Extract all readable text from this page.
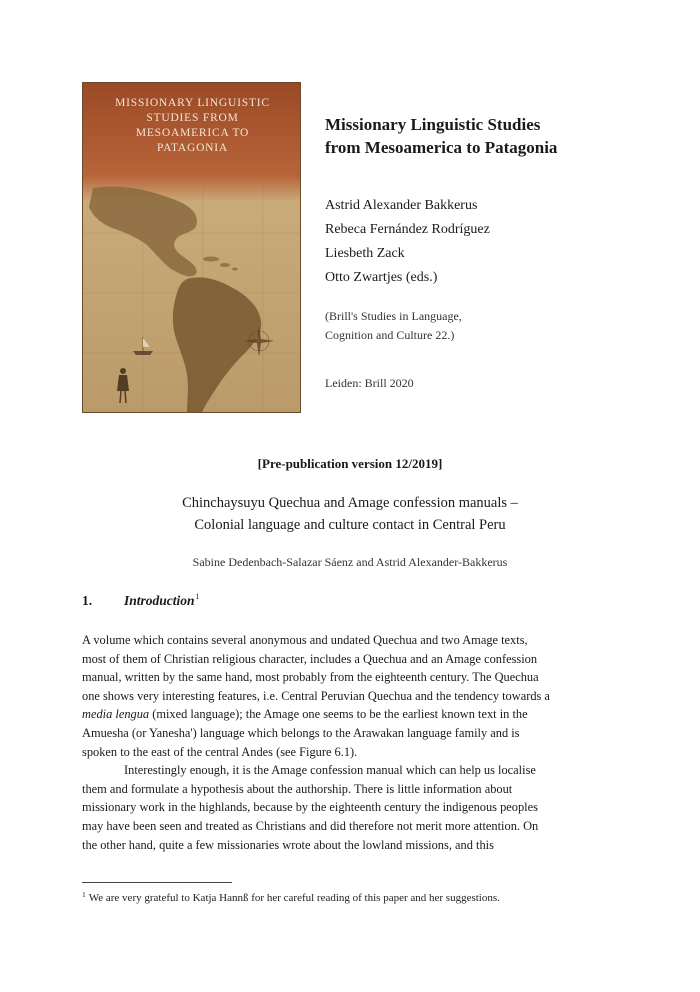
MISSIONARY LINGUISTIC
STUDIES FROM
MESOAMERICA TO
PATAGONIA
Missionary Linguistic Studies
from Mesoamerica to Patagonia
Astrid Alexander Bakkerus
Rebeca Fernández Rodríguez
Liesbeth Zack
Otto Zwartjes (eds.)
(Brill's Studies in Language,
Cognition and Culture 22.)
Leiden: Brill 2020
[Pre-publication version 12/2019]
Chinchaysuyu Quechua and Amage confession manuals –
Colonial language and culture contact in Central Peru
Sabine Dedenbach-Salazar Sáenz and Astrid Alexander-Bakkerus
1. Introduction$^1$
A volume which contains several anonymous and undated Quechua and two Amage texts,
most of them of Christian religious character, includes a Quechua and an Amage confession
manual, written by the same hand, most probably from the eighteenth century. The Quechua
one shows very interesting features, i.e. Central Peruvian Quechua and the tendency towards a
media lengua (mixed language); the Amage one seems to be the earliest known text in the
Amuesha (or Yanesha') language which belongs to the Arawakan language family and is
spoken to the east of the central Andes (see Figure 6.1).
Interestingly enough, it is the Amage confession manual which can help us localise
them and formulate a hypothesis about the authorship. There is little information about
missionary work in the highlands, because by the eighteenth century the indigenous peoples
may have been seen and treated as Christians and did therefore not merit more attention. On
the other hand, quite a few missionaries wrote about the lowland missions, and this
$^1$ We are very grateful to Katja Hannß for her careful reading of this paper and her suggestions.
